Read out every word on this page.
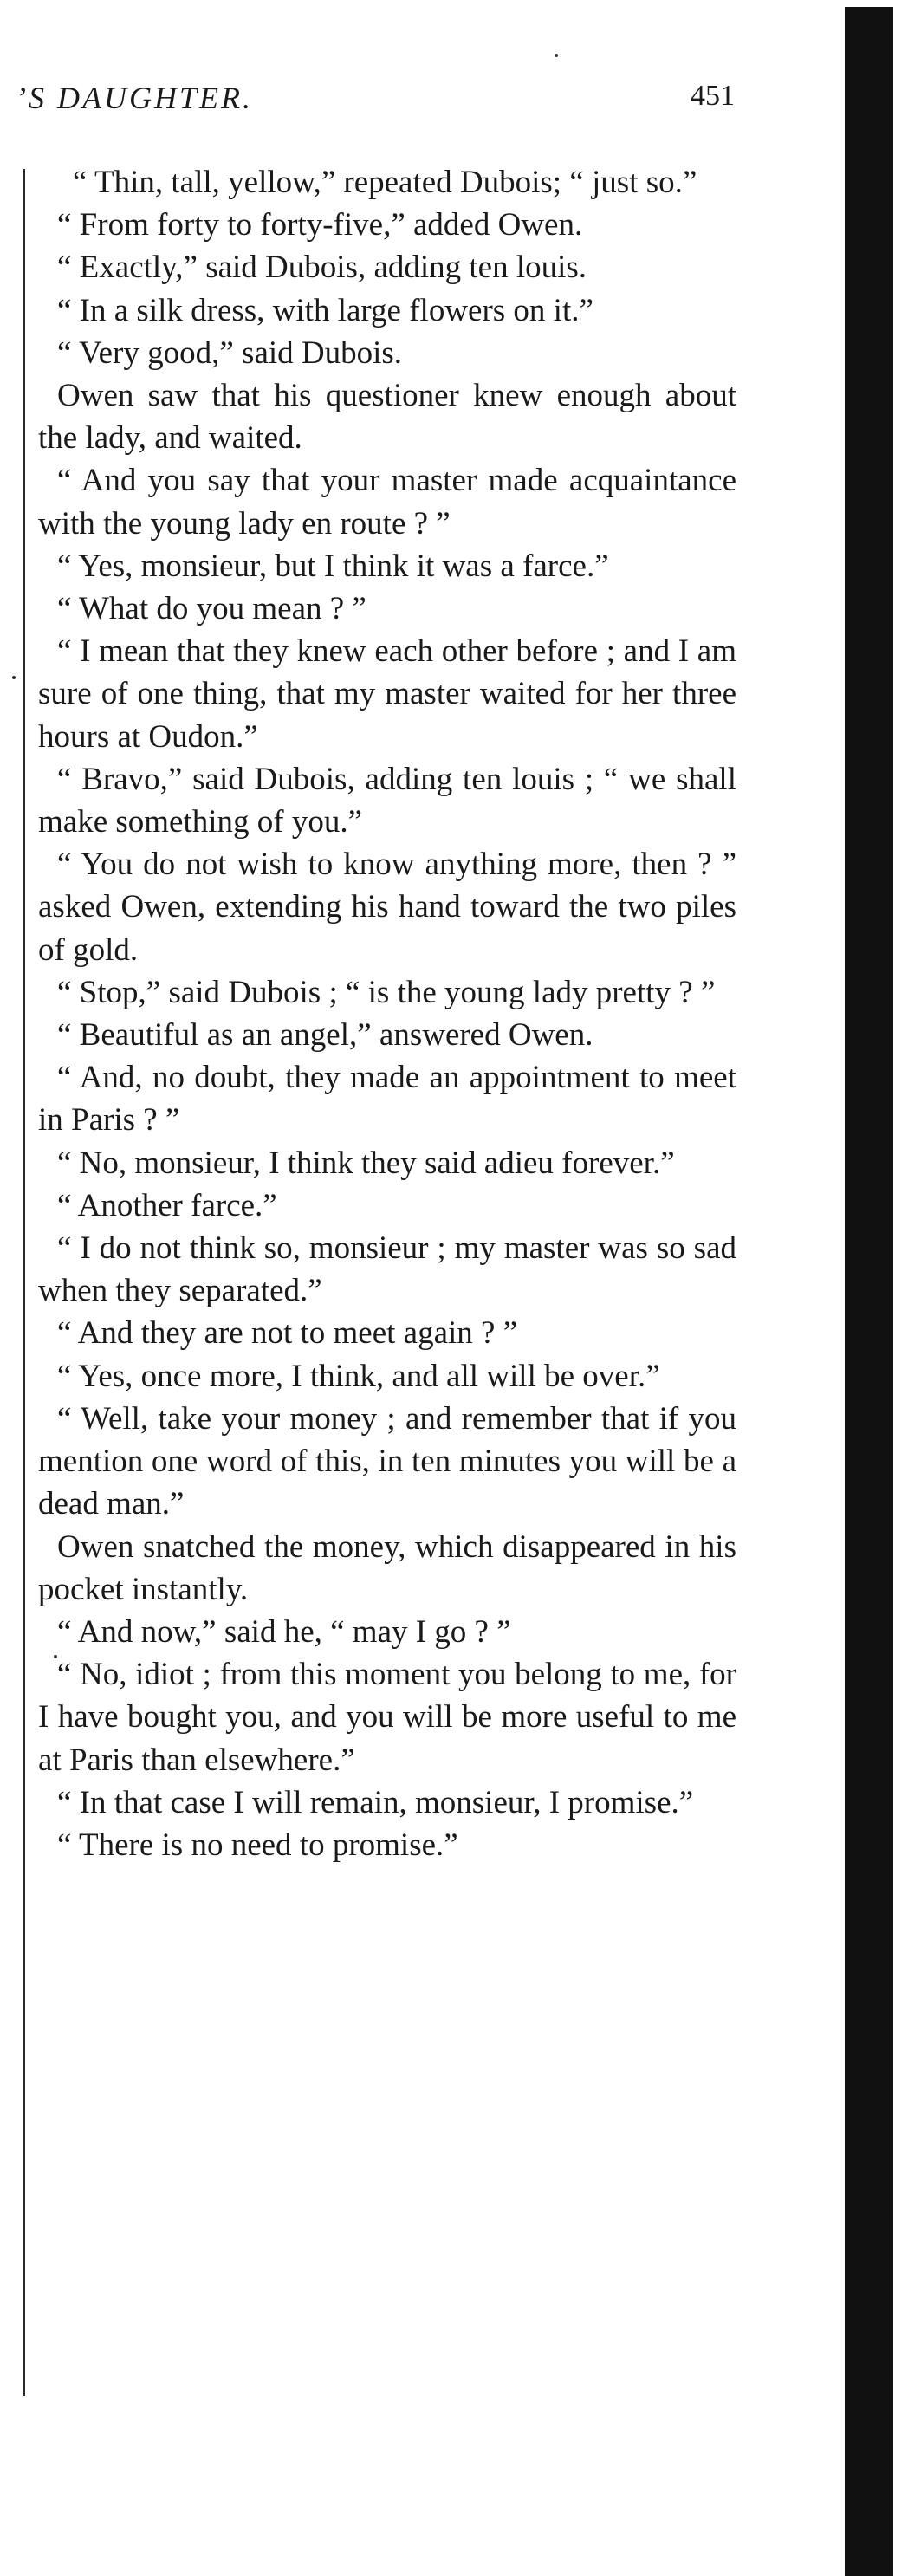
’S DAUGHTER.	451

“ Thin, tall, yellow,” repeated Dubois; “ just so.”

“ From forty to forty-five,” added Owen.

“ Exactly,” said Dubois, adding ten louis.

“ In a silk dress, with large flowers on it.”

“ Very good,” said Dubois.

Owen saw that his questioner knew enough about the lady, and waited.

“ And you say that your master made acquaintance with the young lady en route ? ”

“ Yes, monsieur, but I think it was a farce.”

“ What do you mean ? ”

“ I mean that they knew each other before ; and I am sure of one thing, that my master waited for her three hours at Oudon.”

“ Bravo,” said Dubois, adding ten louis ; “ we shall make something of you.”

“ You do not wish to know anything more, then ? ” asked Owen, extending his hand toward the two piles of gold.

“ Stop,” said Dubois ; “ is the young lady pretty ? ”

“ Beautiful as an angel,” answered Owen.

“ And, no doubt, they made an appointment to meet in Paris ? ”

“ No, monsieur, I think they said adieu forever.”

“ Another farce.”

“ I do not think so, monsieur ; my master was so sad when they separated.”

“ And they are not to meet again ? ”

“ Yes, once more, I think, and all will be over.”

“ Well, take your money ; and remember that if you mention one word of this, in ten minutes you will be a dead man.”

Owen snatched the money, which disappeared in his pocket instantly.

“ And now,” said he, “ may I go ? ”

“ No, idiot ; from this moment you belong to me, for I have bought you, and you will be more useful to me at Paris than elsewhere.”

“ In that case I will remain, monsieur, I promise.”

“ There is no need to promise.”
